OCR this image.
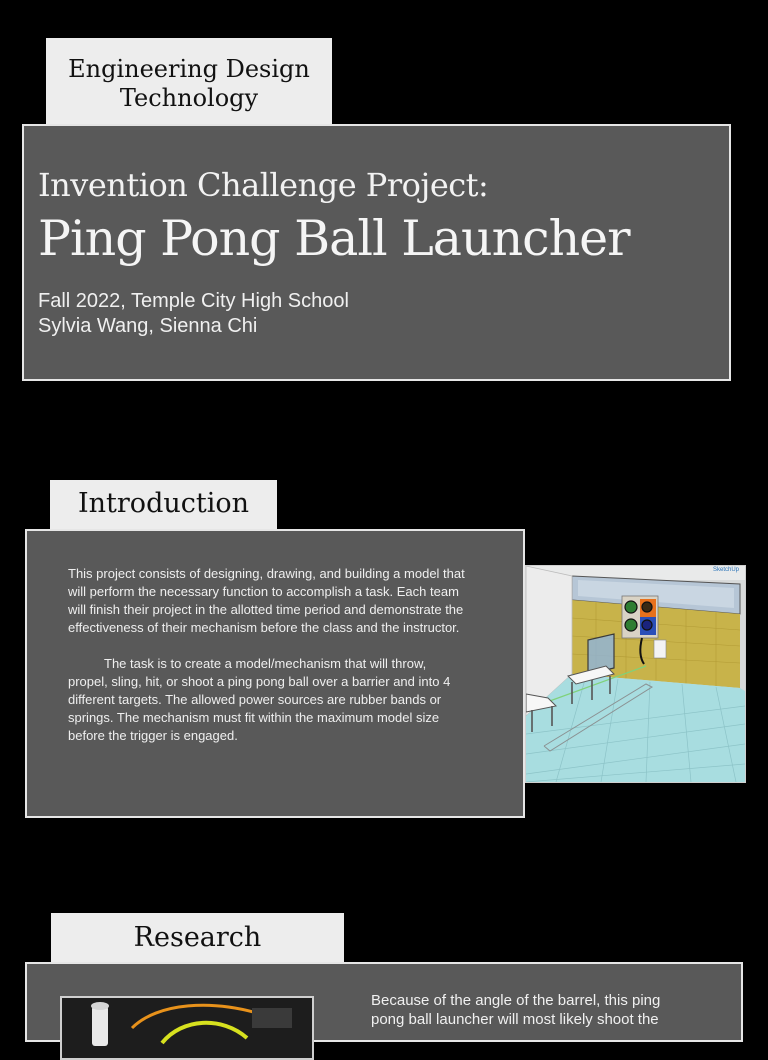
Engineering Design
Technology
Invention Challenge Project:
Ping Pong Ball Launcher
Fall 2022, Temple City High School
Sylvia Wang, Sienna Chi
Introduction

This project consists of designing, drawing, and building a model that will perform the necessary function to accomplish a task. Each team will finish their project in the allotted time period and demonstrate the effectiveness of their mechanism before the class and the instructor.

The task is to create a model/mechanism that will throw, propel, sling, hit, or shoot a ping pong ball over a barrier and into 4 different targets. The allowed power sources are rubber bands or springs. The mechanism must fit within the maximum model size before the trigger is engaged.

SketchUp
Research
Because of the angle of the barrel, this ping pong ball launcher will most likely shoot the
